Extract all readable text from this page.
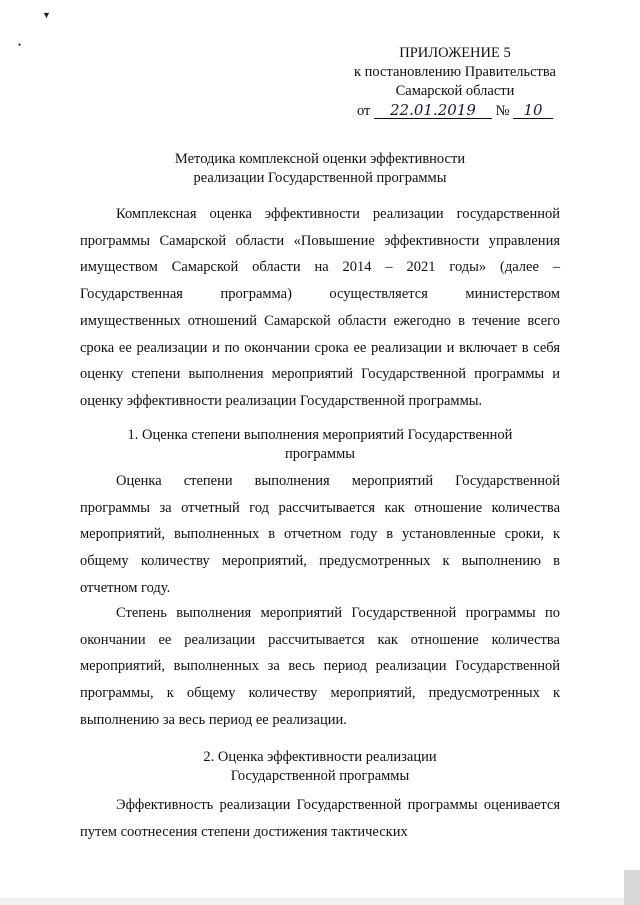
▼
•	ПРИЛОЖЕНИЕ 5
к постановлению Правительства
Самарской области
от 22.01.2019 № 10
Методика комплексной оценки эффективности
реализации Государственной программы
Комплексная оценка эффективности реализации государственной программы Самарской области «Повышение эффективности управления имуществом Самарской области на 2014 – 2021 годы» (далее – Государственная программа) осуществляется министерством имущественных отношений Самарской области ежегодно в течение всего срока ее реализации и по окончании срока ее реализации и включает в себя оценку степени выполнения мероприятий Государственной программы и оценку эффективности реализации Государственной программы.
1. Оценка степени выполнения мероприятий Государственной
программы
Оценка степени выполнения мероприятий Государственной программы за отчетный год рассчитывается как отношение количества мероприятий, выполненных в отчетном году в установленные сроки, к общему количеству мероприятий, предусмотренных к выполнению в отчетном году.
Степень выполнения мероприятий Государственной программы по окончании ее реализации рассчитывается как отношение количества мероприятий, выполненных за весь период реализации Государственной программы, к общему количеству мероприятий, предусмотренных к выполнению за весь период ее реализации.
2. Оценка эффективности реализации
Государственной программы
Эффективность реализации Государственной программы оценивается путем соотнесения степени достижения тактических
